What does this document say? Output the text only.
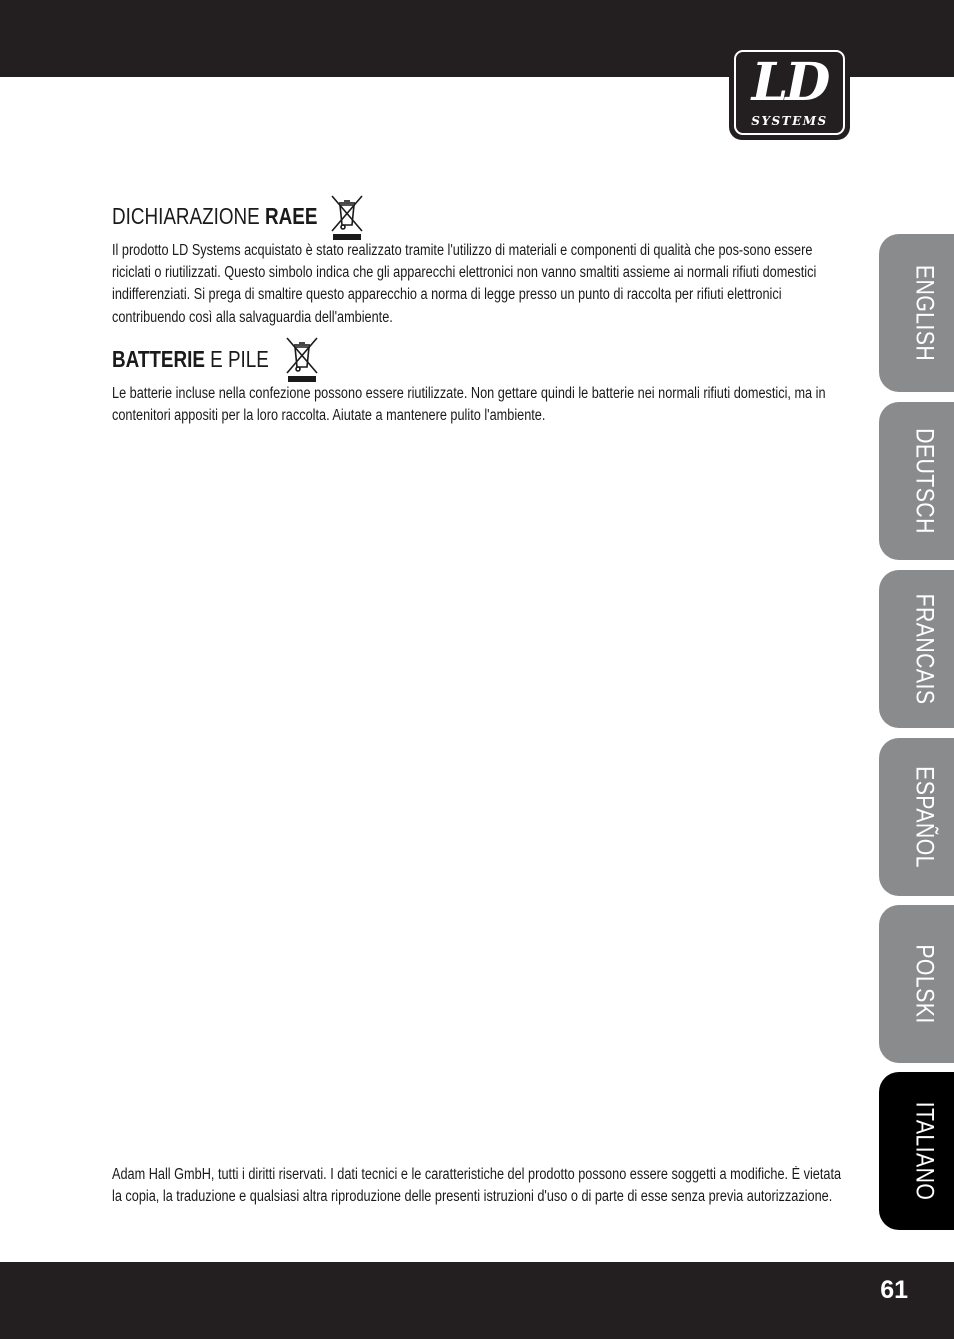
LD
SYSTEMS
DICHIARAZIONE RAEE
Il prodotto LD Systems acquistato è stato realizzato tramite l'utilizzo di materiali e componenti di qualità che pos-sono essere riciclati o riutilizzati. Questo simbolo indica che gli apparecchi elettronici non vanno smaltiti assieme ai normali rifiuti domestici indifferenziati. Si prega di smaltire questo apparecchio a norma di legge presso un punto di raccolta per rifiuti elettronici contribuendo così alla salvaguardia dell'ambiente.
BATTERIE E PILE
Le batterie incluse nella confezione possono essere riutilizzate. Non gettare quindi le batterie nei normali rifiuti domestici, ma in contenitori appositi per la loro raccolta. Aiutate a mantenere pulito l'ambiente.
Adam Hall GmbH, tutti i diritti riservati. I dati tecnici e le caratteristiche del prodotto possono essere soggetti a modifiche. È vietata la copia, la traduzione e qualsiasi altra riproduzione delle presenti istruzioni d'uso o di parte di esse senza previa autorizzazione.
ENGLISH
DEUTSCH
FRANCAIS
ESPAÑOL
POLSKI
ITALIANO
61
